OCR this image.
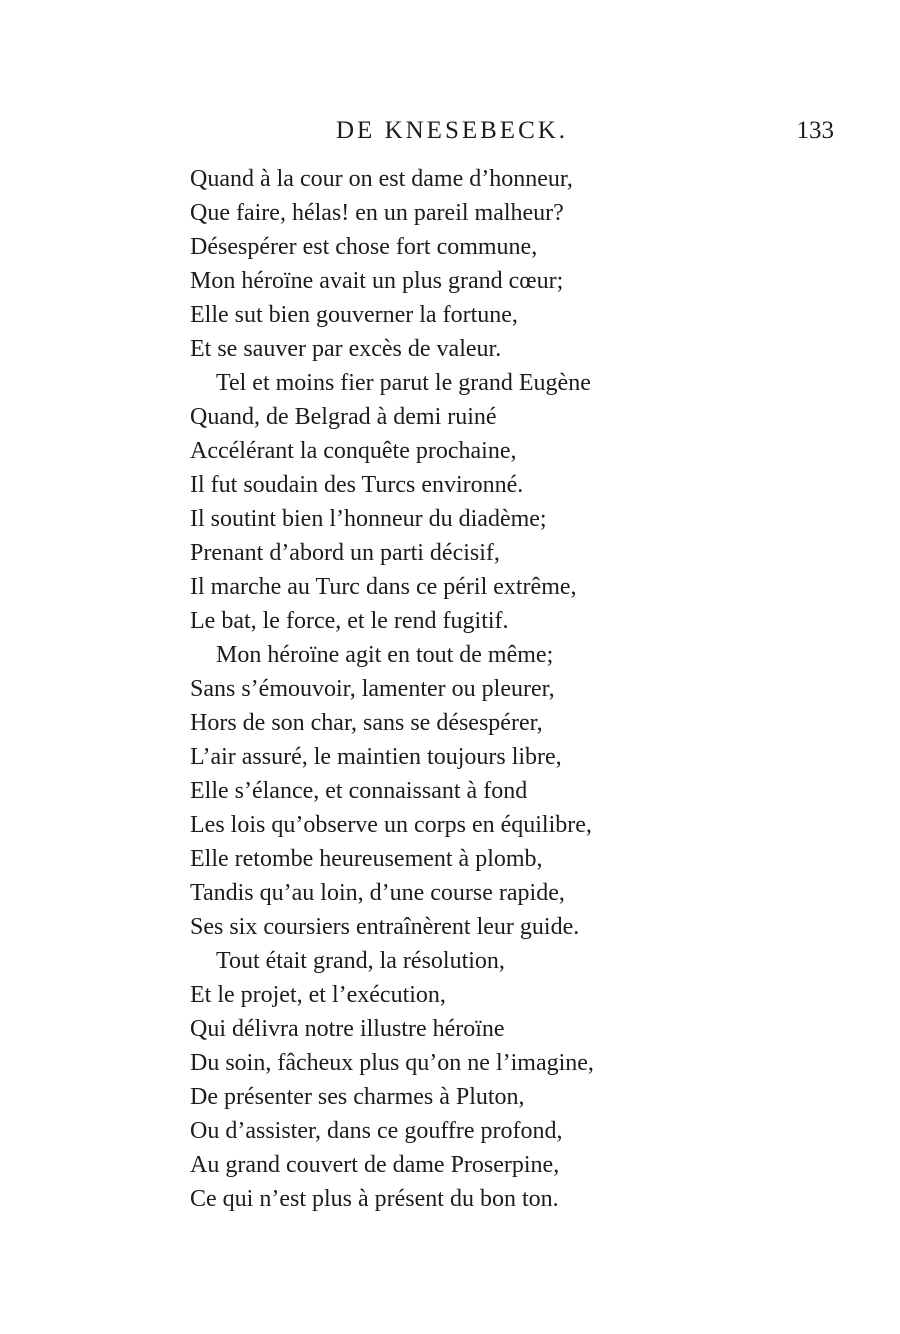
DE KNESEBECK.	133
Quand à la cour on est dame d’honneur,
Que faire, hélas! en un pareil malheur?
Désespérer est chose fort commune,
Mon héroïne avait un plus grand cœur;
Elle sut bien gouverner la fortune,
Et se sauver par excès de valeur.
Tel et moins fier parut le grand Eugène
Quand, de Belgrad à demi ruiné
Accélérant la conquête prochaine,
Il fut soudain des Turcs environné.
Il soutint bien l’honneur du diadème;
Prenant d’abord un parti décisif,
Il marche au Turc dans ce péril extrême,
Le bat, le force, et le rend fugitif.
Mon héroïne agit en tout de même;
Sans s’émouvoir, lamenter ou pleurer,
Hors de son char, sans se désespérer,
L’air assuré, le maintien toujours libre,
Elle s’élance, et connaissant à fond
Les lois qu’observe un corps en équilibre,
Elle retombe heureusement à plomb,
Tandis qu’au loin, d’une course rapide,
Ses six coursiers entraînèrent leur guide.
Tout était grand, la résolution,
Et le projet, et l’exécution,
Qui délivra notre illustre héroïne
Du soin, fâcheux plus qu’on ne l’imagine,
De présenter ses charmes à Pluton,
Ou d’assister, dans ce gouffre profond,
Au grand couvert de dame Proserpine,
Ce qui n’est plus à présent du bon ton.
